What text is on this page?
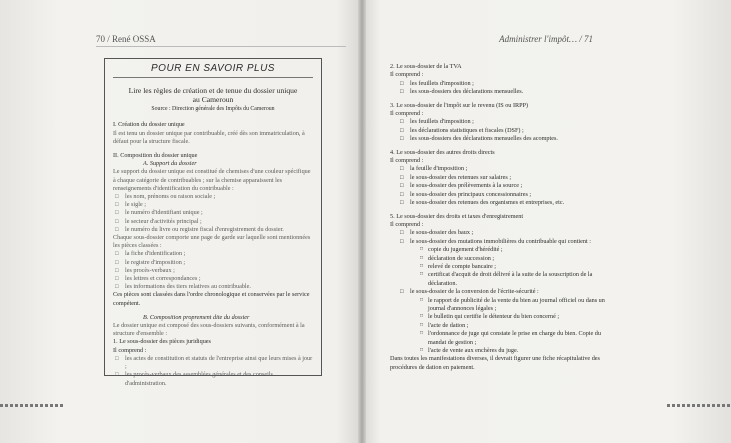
70 / René OSSA
POUR EN SAVOIR PLUS
Lire les règles de création et de tenue du dossier unique au Cameroun
Source : Direction générale des Impôts du Cameroun
I. Création du dossier unique
Il est tenu un dossier unique par contribuable, créé dès son immatriculation, à défaut pour la structure fiscale.
II. Composition du dossier unique
A. Support du dossier
Le support du dossier unique est constitué de chemises d'une couleur spécifique à chaque catégorie de contribuables ; sur la chemise apparaissent les renseignements d'identification du contribuable :
□ les nom, prénoms ou raison sociale ;
□ le sigle ;
□ le numéro d'identifiant unique ;
□ le secteur d'activités principal ;
□ le numéro du livre ou registre fiscal d'enregistrement du dossier.
Chaque sous-dossier comporte une page de garde sur laquelle sont mentionnées les pièces classées :
□ la fiche d'identification ;
□ le registre d'imposition ;
□ les procès-verbaux ;
□ les lettres et correspondances ;
□ les informations des tiers relatives au contribuable.
Ces pièces sont classées dans l'ordre chronologique et conservées par le service compétent.
B. Composition proprement dite du dossier
Le dossier unique est composé des sous-dossiers suivants, conformément à la structure d'ensemble :
1. Le sous-dossier des pièces juridiques
Il comprend :
□ les actes de constitution et statuts de l'entreprise ainsi que leurs mises à jour ;
□ les procès-verbaux des assemblées générales et des conseils d'administration.
Administrer l'impôt… / 71
2. Le sous-dossier de la TVA
Il comprend :
□ les feuillets d'imposition ;
□ les sous-dossiers des déclarations mensuelles.
3. Le sous-dossier de l'impôt sur le revenu (IS ou IRPP)
Il comprend :
□ les feuillets d'imposition ;
□ les déclarations statistiques et fiscales (DSF) ;
□ les sous-dossiers des déclarations mensuelles des acomptes.
4. Le sous-dossier des autres droits directs
Il comprend :
□ la feuille d'imposition ;
□ le sous-dossier des retenues sur salaires ;
□ le sous-dossier des prélèvements à la source ;
□ le sous-dossier des principaux concessionnaires ;
□ le sous-dossier des retenues des organismes et entreprises, etc.
5. Le sous-dossier des droits et taxes d'enregistrement
Il comprend :
□ le sous-dossier des baux ;
□ le sous-dossier des mutations immobilières du contribuable qui contient :
□ copie du jugement d'hérédité ;
□ déclaration de succession ;
□ relevé de compte bancaire ;
□ certificat d'acquit de droit délivré à la suite de la souscription de la déclaration.
□ le sous-dossier de la conversion de l'écrite-sécurité :
□ le rapport de publicité de la vente du bien au journal officiel ou dans un journal d'annonces légales ;
□ le bulletin qui certifie le détenteur du bien concerné ;
□ l'acte de dation ;
□ l'ordonnance de juge qui constate le prise en charge du bien. Copie du mandat de gestion ;
□ l'acte de vente aux enchères du juge.
Dans toutes les manifestations diverses, il devrait figurer une fiche récapitulative des procédures de dation en paiement.
